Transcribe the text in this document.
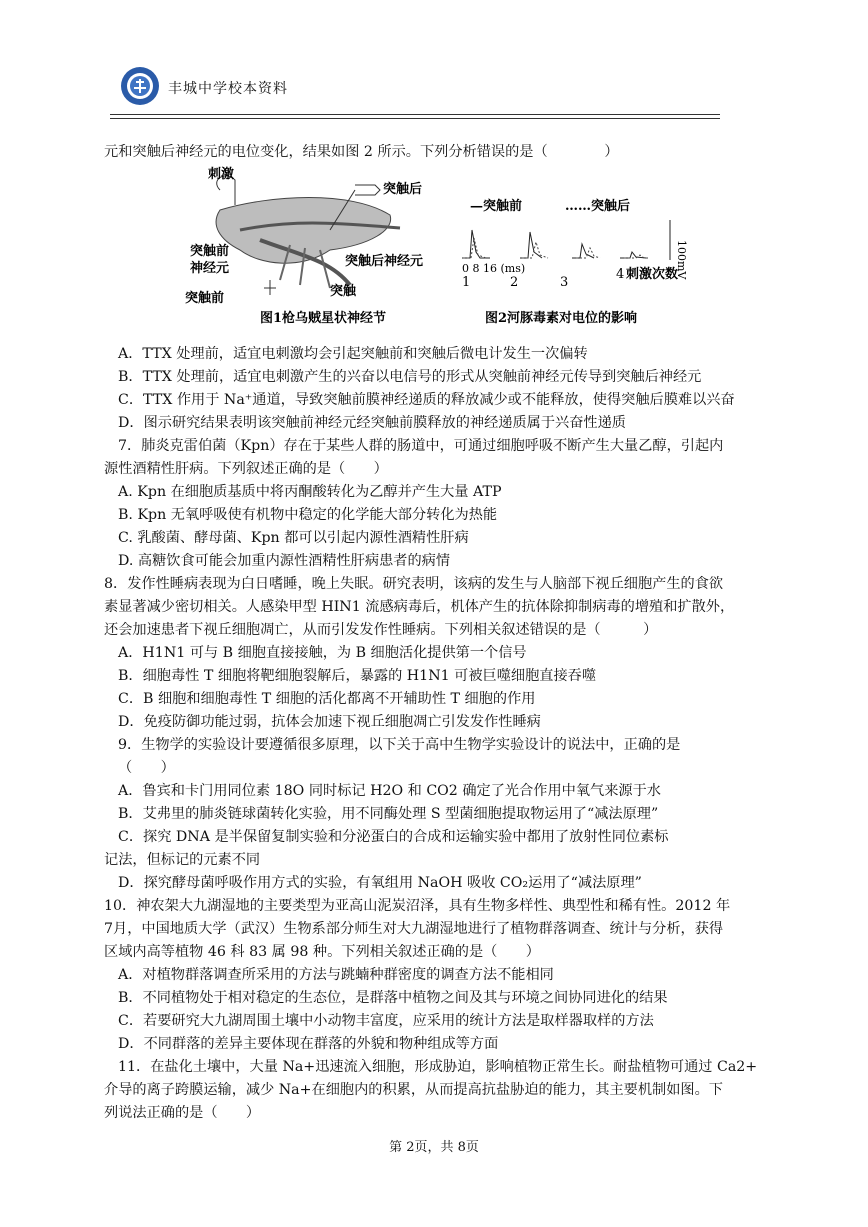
丰城中学校本资料
元和突触后神经元的电位变化，结果如图 2 所示。下列分析错误的是（　　　　）
A．TTX 处理前，适宜电刺激均会引起突触前和突触后微电计发生一次偏转
B．TTX 处理前，适宜电刺激产生的兴奋以电信号的形式从突触前神经元传导到突触后神经元
C．TTX 作用于 Na⁺通道，导致突触前膜神经递质的释放减少或不能释放，使得突触后膜难以兴奋
D．图示研究结果表明该突触前神经元经突触前膜释放的神经递质属于兴奋性递质
7．肺炎克雷伯菌（Kpn）存在于某些人群的肠道中，可通过细胞呼吸不断产生大量乙醇，引起内
源性酒精性肝病。下列叙述正确的是（　　）
A. Kpn 在细胞质基质中将丙酮酸转化为乙醇并产生大量 ATP
B. Kpn 无氧呼吸使有机物中稳定的化学能大部分转化为热能
C. 乳酸菌、酵母菌、Kpn 都可以引起内源性酒精性肝病
D. 高糖饮食可能会加重内源性酒精性肝病患者的病情
8．发作性睡病表现为白日嗜睡，晚上失眠。研究表明，该病的发生与人脑部下视丘细胞产生的食欲
素显著减少密切相关。人感染甲型 HIN1 流感病毒后，机体产生的抗体除抑制病毒的增殖和扩散外，
还会加速患者下视丘细胞凋亡，从而引发发作性睡病。下列相关叙述错误的是（　　　）
A．H1N1 可与 B 细胞直接接触，为 B 细胞活化提供第一个信号
B．细胞毒性 T 细胞将靶细胞裂解后，暴露的 H1N1 可被巨噬细胞直接吞噬
C．B 细胞和细胞毒性 T 细胞的活化都离不开辅助性 T 细胞的作用
D．免疫防御功能过弱，抗体会加速下视丘细胞凋亡引发发作性睡病
9．生物学的实验设计要遵循很多原理，以下关于高中生物学实验设计的说法中，正确的是
（　　）
A．鲁宾和卡门用同位素 18O 同时标记 H2O 和 CO2 确定了光合作用中氧气来源于水
B．艾弗里的肺炎链球菌转化实验，用不同酶处理 S 型菌细胞提取物运用了“减法原理”
C．探究 DNA 是半保留复制实验和分泌蛋白的合成和运输实验中都用了放射性同位素标
记法，但标记的元素不同
D．探究酵母菌呼吸作用方式的实验，有氧组用 NaOH 吸收 CO₂运用了“减法原理”
10．神农架大九湖湿地的主要类型为亚高山泥炭沼泽，具有生物多样性、典型性和稀有性。2012 年
7月，中国地质大学（武汉）生物系部分师生对大九湖湿地进行了植物群落调查、统计与分析，获得
区域内高等植物 46 科 83 属 98 种。下列相关叙述正确的是（　　）
A．对植物群落调查所采用的方法与跳蝻种群密度的调查方法不能相同
B．不同植物处于相对稳定的生态位，是群落中植物之间及其与环境之间协同进化的结果
C．若要研究大九湖周围土壤中小动物丰富度，应采用的统计方法是取样器取样的方法
D．不同群落的差异主要体现在群落的外貌和物种组成等方面
11．在盐化土壤中，大量 Na+迅速流入细胞，形成胁迫，影响植物正常生长。耐盐植物可通过 Ca2+
介导的离子跨膜运输，减少 Na+在细胞内的积累，从而提高抗盐胁迫的能力，其主要机制如图。下
列说法正确的是（　　）
刺激
突触后
突触前
神经元	突触后神经元
突触
突触前
图1枪乌贼星状神经节
—突触前	……突触后
100mV
0 8 16 (ms)
1	2	3
4 刺激次数
图2河豚毒素对电位的影响
第 2页，共 8页
